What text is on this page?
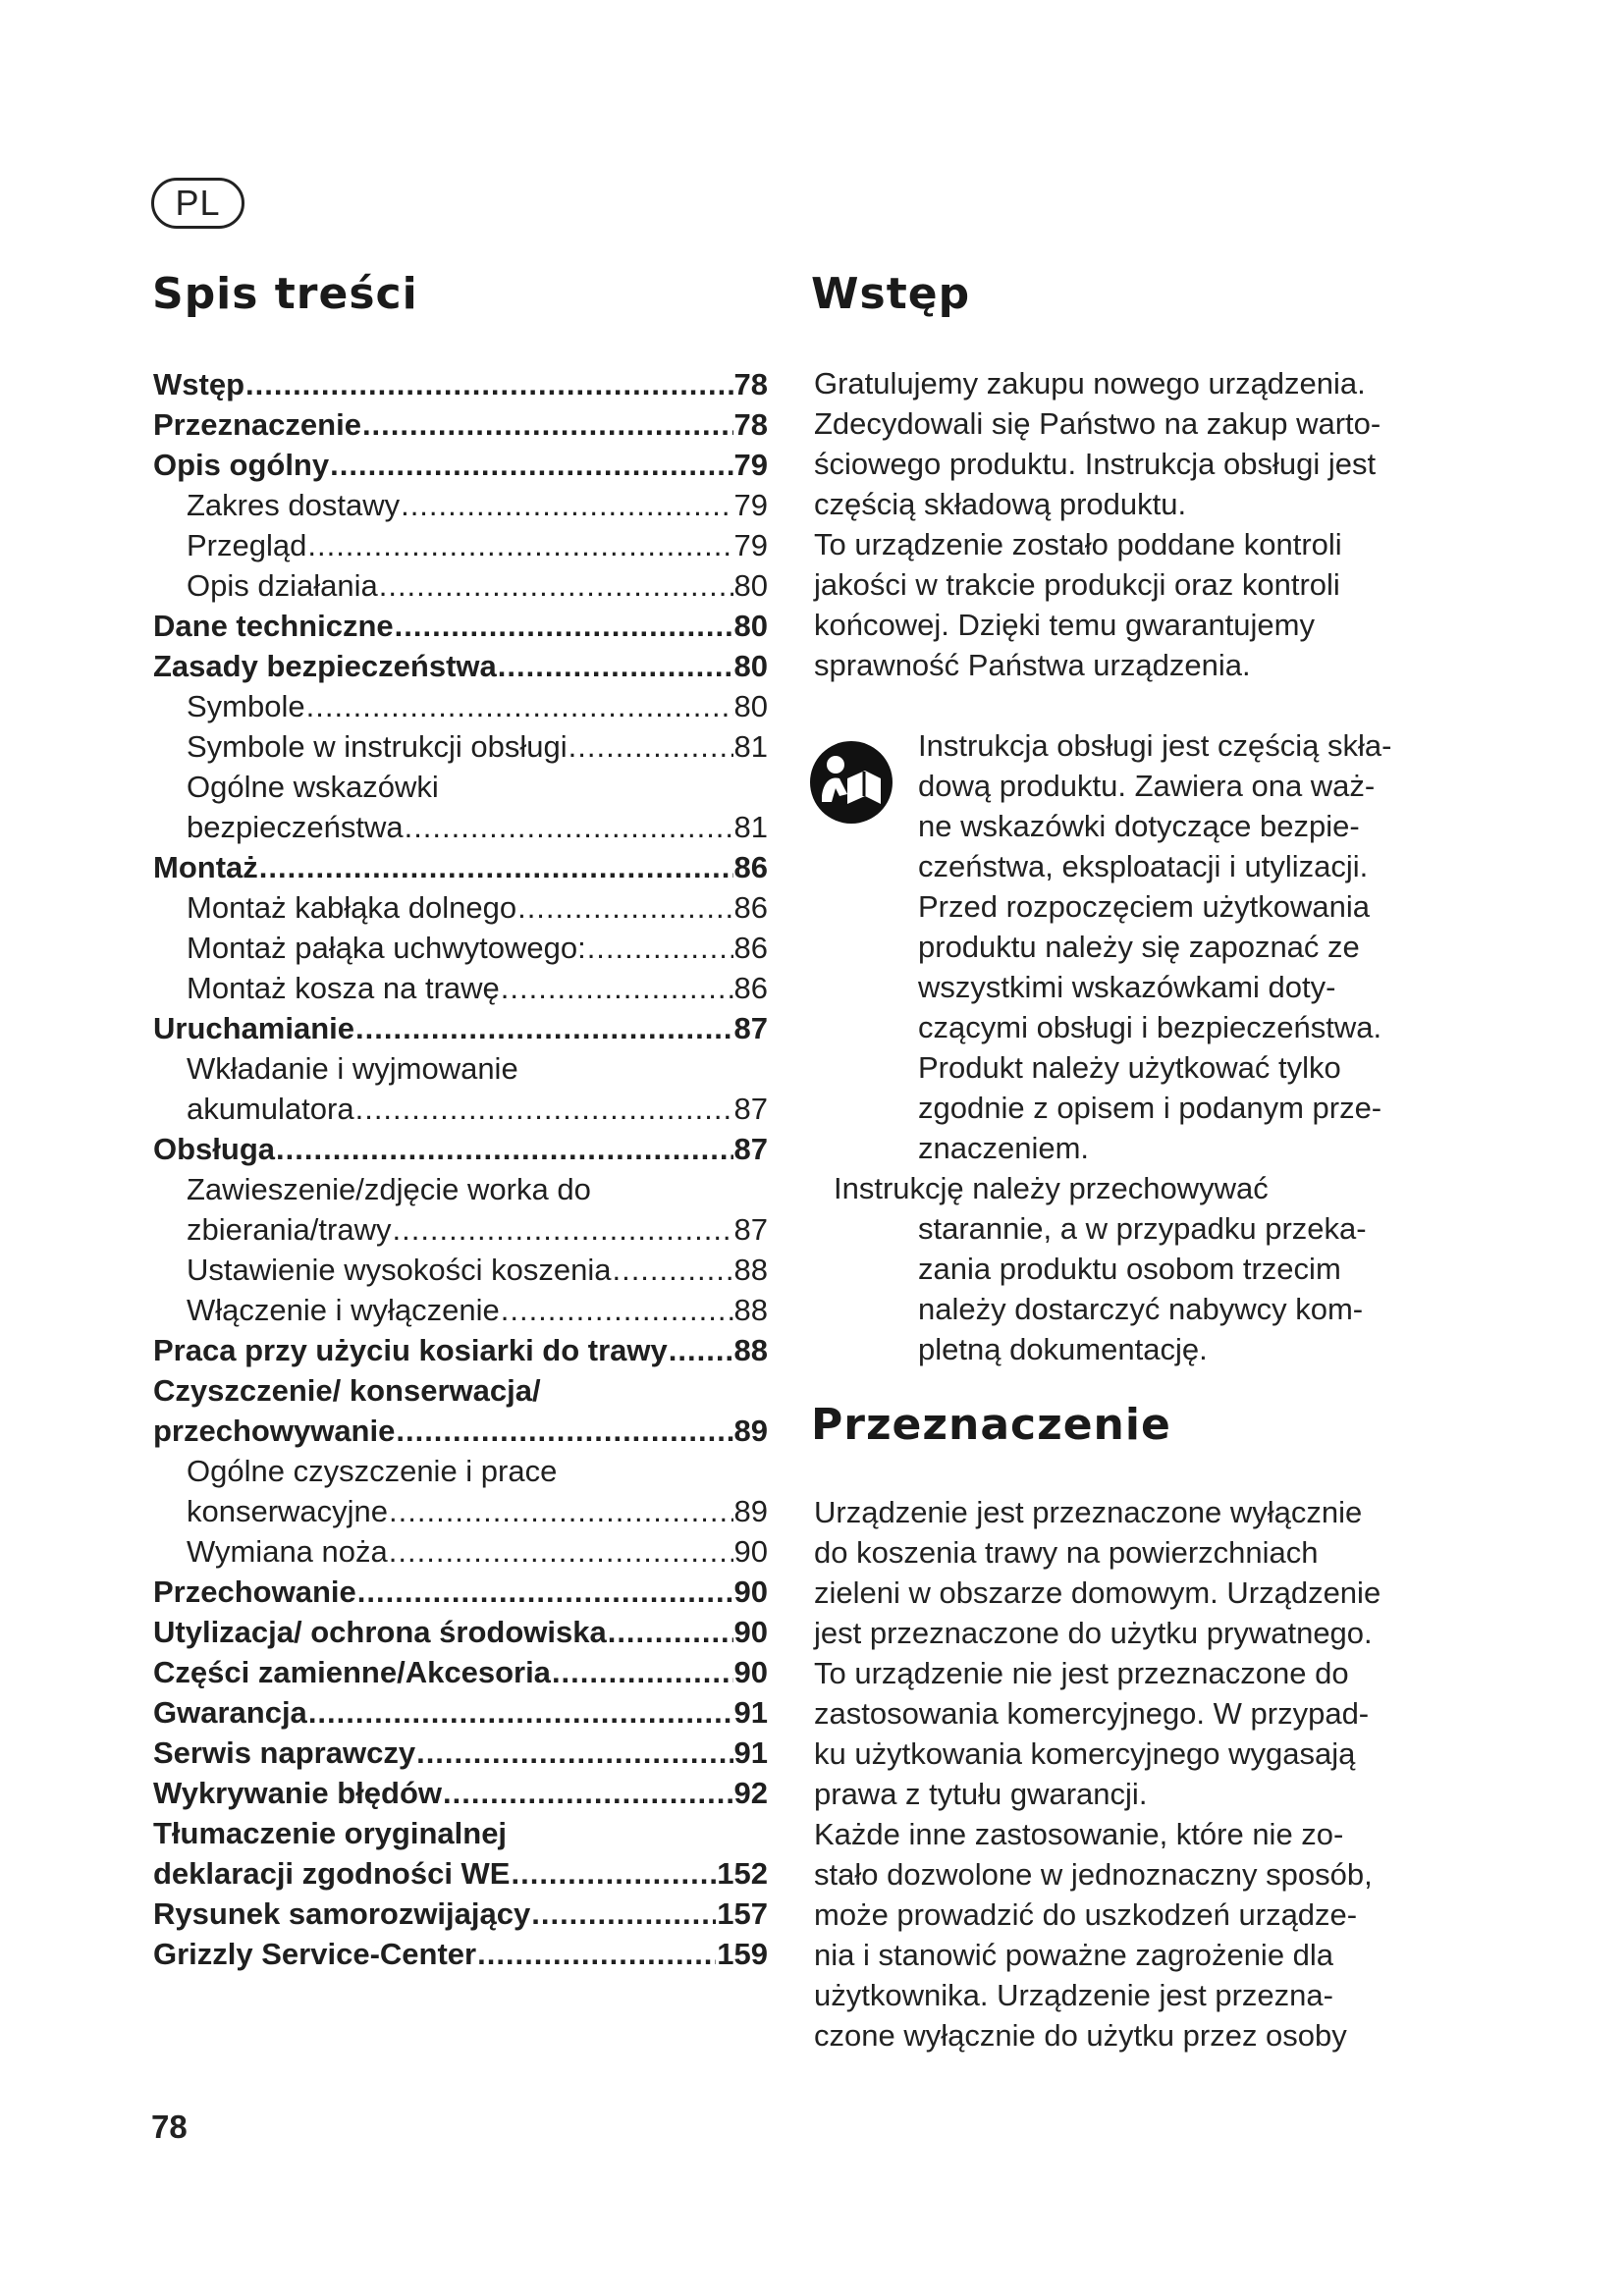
PL
Spis treści
Wstęp .....	78
Przeznaczenie .....	78
Opis ogólny .....	79
Zakres dostawy .....	79
Przegląd .....	79
Opis działania .....	80
Dane techniczne .....	80
Zasady bezpieczeństwa .....	80
Symbole .....	80
Symbole w instrukcji obsługi .....	81
Ogólne wskazówki
bezpieczeństwa .....	81
Montaż .....	86
Montaż kabłąka dolnego .....	86
Montaż pałąka uchwytowego: .....	86
Montaż kosza na trawę .....	86
Uruchamianie .....	87
Wkładanie i wyjmowanie
akumulatora .....	87
Obsługa .....	87
Zawieszenie/zdjęcie worka do
zbierania/trawy .....	87
Ustawienie wysokości koszenia .....	88
Włączenie i wyłączenie .....	88
Praca przy użyciu kosiarki do trawy ..... 88
Czyszczenie/ konserwacja/
przechowywanie .....	89
Ogólne czyszczenie i prace
konserwacyjne .....	89
Wymiana noża .....	90
Przechowanie .....	90
Utylizacja/ ochrona środowiska .....	90
Części zamienne/Akcesoria .....	90
Gwarancja .....	91
Serwis naprawczy .....	91
Wykrywanie błędów .....	92
Tłumaczenie oryginalnej
deklaracji zgodności WE .....	152
Rysunek samorozwijający .....	157
Grizzly Service-Center .....	159
Wstęp
Gratulujemy zakupu nowego urządzenia.
Zdecydowali się Państwo na zakup warto-
ściowego produktu. Instrukcja obsługi jest
częścią składową produktu.
To urządzenie zostało poddane kontroli
jakości w trakcie produkcji oraz kontroli
końcowej. Dzięki temu gwarantujemy
sprawność Państwa urządzenia.
Instrukcja obsługi jest częścią skła-
dową produktu. Zawiera ona waż-
ne wskazówki dotyczące bezpie-
czeństwa, eksploatacji i utylizacji.
Przed rozpoczęciem użytkowania
produktu należy się zapoznać ze
wszystkimi wskazówkami doty-
czącymi obsługi i bezpieczeństwa.
Produkt należy użytkować tylko
zgodnie z opisem i podanym prze-
znaczeniem.
Instrukcję należy przechowywać
starannie, a w przypadku przeka-
zania produktu osobom trzecim
należy dostarczyć nabywcy kom-
pletną dokumentację.
Przeznaczenie
Urządzenie jest przeznaczone wyłącznie
do koszenia trawy na powierzchniach
zieleni w obszarze domowym. Urządzenie
jest przeznaczone do użytku prywatnego.
To urządzenie nie jest przeznaczone do
zastosowania komercyjnego. W przypad-
ku użytkowania komercyjnego wygasają
prawa z tytułu gwarancji.
Każde inne zastosowanie, które nie zo-
stało dozwolone w jednoznaczny sposób,
może prowadzić do uszkodzeń urządze-
nia i stanowić poważne zagrożenie dla
użytkownika. Urządzenie jest przezna-
czone wyłącznie do użytku przez osoby
78
